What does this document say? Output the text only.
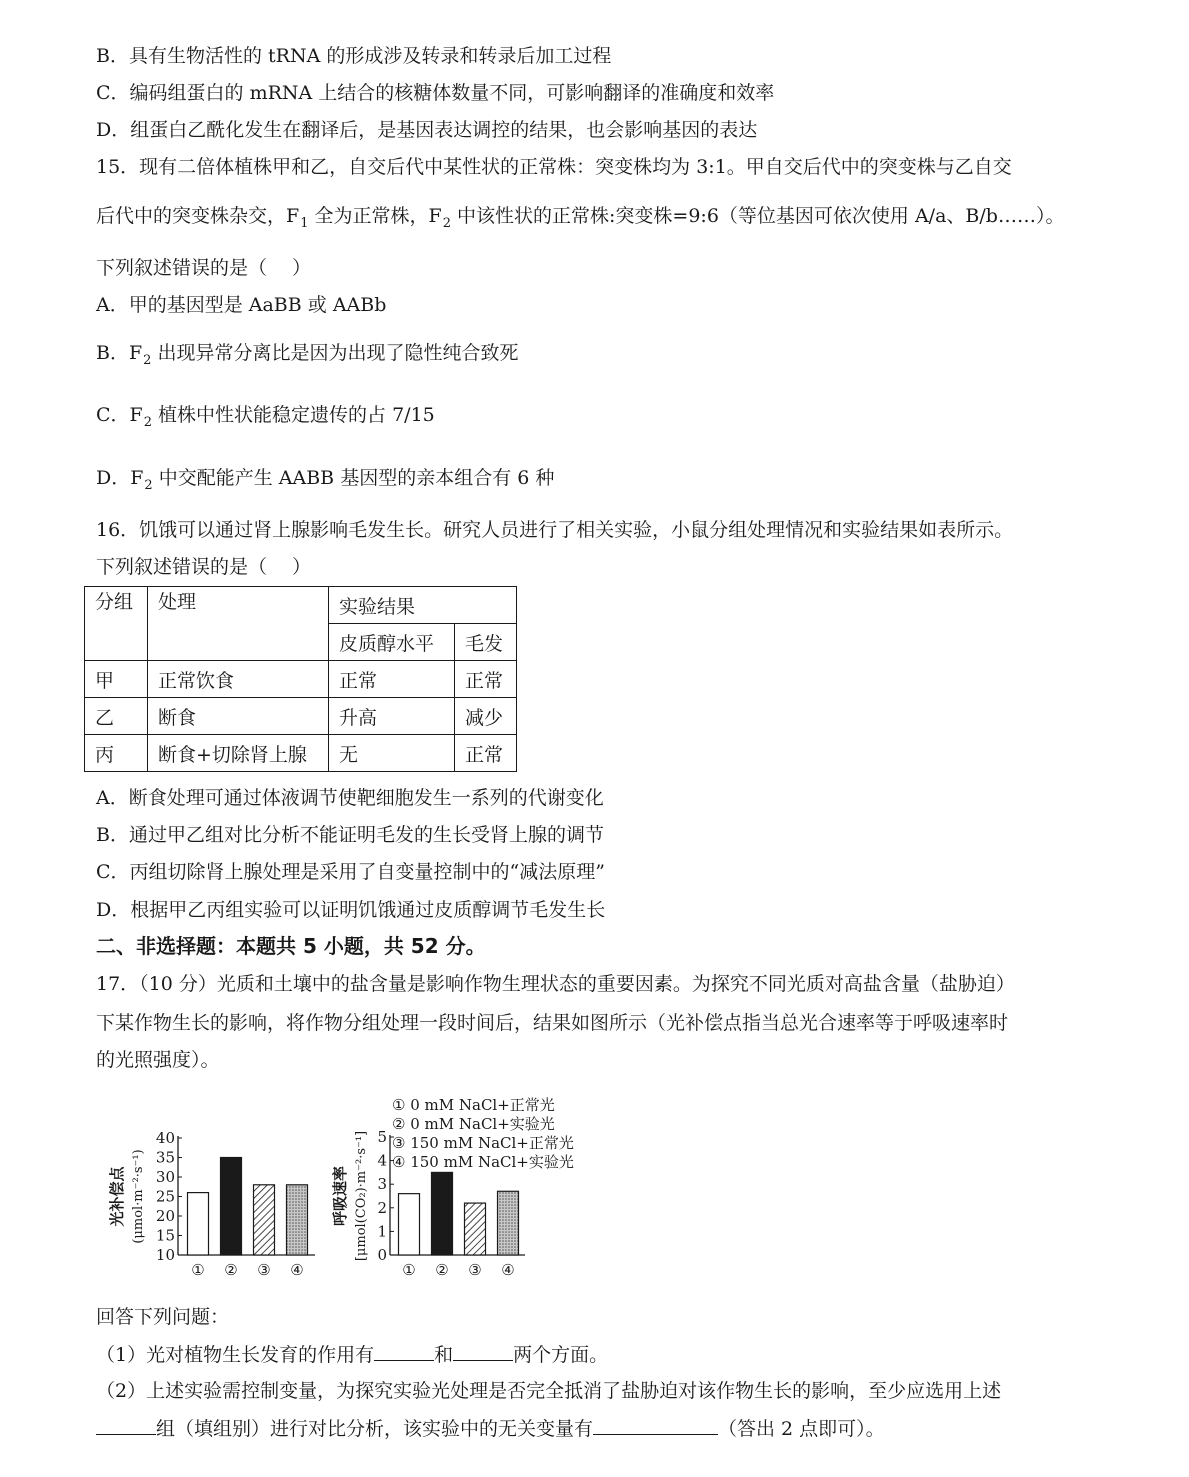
B．具有生物活性的 tRNA 的形成涉及转录和转录后加工过程
C．编码组蛋白的 mRNA 上结合的核糖体数量不同，可影响翻译的准确度和效率
D．组蛋白乙酰化发生在翻译后，是基因表达调控的结果，也会影响基因的表达
15．现有二倍体植株甲和乙，自交后代中某性状的正常株：突变株均为 3:1。甲自交后代中的突变株与乙自交
后代中的突变株杂交，$F_1$ 全为正常株，$F_2$ 中该性状的正常株:突变株=9:6（等位基因可依次使用 A/a、B/b……）。
下列叙述错误的是（　 ）
A．甲的基因型是 AaBB 或 AABb
B．$F_2$ 出现异常分离比是因为出现了隐性纯合致死
C．$F_2$ 植株中性状能稳定遗传的占 7/15
D．$F_2$ 中交配能产生 AABB 基因型的亲本组合有 6 种
16．饥饿可以通过肾上腺影响毛发生长。研究人员进行了相关实验，小鼠分组处理情况和实验结果如表所示。
下列叙述错误的是（　 ）
分组	处理	实验结果	
		皮质醇水平	毛发
甲	正常饮食	正常	正常
乙	断食	升高	减少
丙	断食+切除肾上腺	无	正常
A．断食处理可通过体液调节使靶细胞发生一系列的代谢变化
B．通过甲乙组对比分析不能证明毛发的生长受肾上腺的调节
C．丙组切除肾上腺处理是采用了自变量控制中的“减法原理”
D．根据甲乙丙组实验可以证明饥饿通过皮质醇调节毛发生长
二、非选择题：本题共 5 小题，共 52 分。
17．（10 分）光质和土壤中的盐含量是影响作物生理状态的重要因素。为探究不同光质对高盐含量（盐胁迫）
下某作物生长的影响，将作物分组处理一段时间后，结果如图所示（光补偿点指当总光合速率等于呼吸速率时
的光照强度）。
10
15
20
25
30
35
40
① ② ③ ④
光补偿点 (μmol·m⁻²·s⁻¹)
0
1
2
3
4
5
① ② ③ ④
呼吸速率 [μmol(CO₂)·m⁻²·s⁻¹]
① 0 mM NaCl+正常光
② 0 mM NaCl+实验光
③ 150 mM NaCl+正常光
④ 150 mM NaCl+实验光
回答下列问题：
（1）光对植物生长发育的作用有	和	两个方面。
（2）上述实验需控制变量，为探究实验光处理是否完全抵消了盐胁迫对该作物生长的影响，至少应选用上述
组（填组别）进行对比分析，该实验中的无关变量有	（答出 2 点即可）。
